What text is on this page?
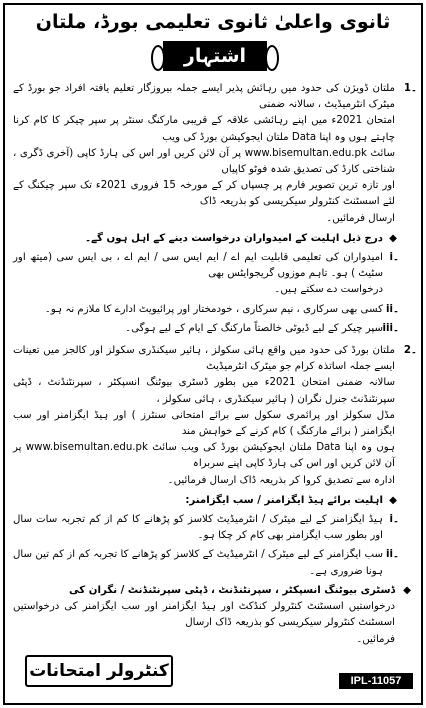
ثانوی واعلیٰ ثانوی تعلیمی بورڈ، ملتان
اشتہار
1۔
ملتان ڈویژن کی حدود میں رہائش پذیر ایسے جملہ بیروزگار تعلیم یافتہ افراد جو بورڈ کے میٹرک انٹرمیڈیٹ ، سالانہ ضمنی
امتحان 2021ء میں اپنے رہائشی علاقہ کے قریبی مارکنگ سنٹر پر سپر چیکر کا کام کرنا چاہتے ہوں وہ اپنا Data ملتان ایجوکیشن بورڈ کی ویب
سائٹ www.bisemultan.edu.pk پر آن لائن کریں اور اس کی ہارڈ کاپی (آخری ڈگری ، شناختی کارڈ کی تصدیق شدہ فوٹو کاپیاں
اور تازہ ترین تصویر فارم پر چسپاں کر کے مورخہ 15 فروری 2021ء تک سپر چیکنگ کے لئے اسسٹنٹ کنٹرولر سیکریسی کو بذریعہ ڈاک
ارسال فرمائیں۔
◆
درج ذیل اہلیت کے امیدواران درخواست دینے کے اہل ہوں گے۔
i۔
امیدواران کی تعلیمی قابلیت ایم اے / ایم ایس سی / ایم اے ، بی ایس سی (میتھ اور سٹیٹ ) ہو۔ تاہم موزوں گریجوایٹس بھی
درخواست دے سکتے ہیں۔
ii۔
کسی بھی سرکاری ، نیم سرکاری ، خودمختار اور پرائیویٹ ادارے کا ملازم نہ ہو۔
iii۔
سپر چیکر کے لیے ڈیوٹی خالصتاً مارکنگ کے ایام کے لیے ہوگی۔
2۔
ملتان بورڈ کی حدود میں واقع ہائی سکولز ، ہائیر سیکنڈری سکولز اور کالجز میں تعینات ایسے جملہ اساتذہ کرام جو میٹرک انٹرمیڈیٹ
سالانہ ضمنی امتحان 2021ء میں بطور ڈسٹری بیوٹنگ انسپکٹر ، سپرنٹنڈنٹ ، ڈپٹی سپرنٹنڈنٹ جنرل نگران ( ہائیر سیکنڈری ، ہائی سکولز ،
مڈل سکولز اور پرائمری سکول سے برائے امتحانی سنٹرز ) اور ہیڈ ایگزامنر اور سب ایگزامنر ( برائے مارکنگ ) کام کرنے کے خواہش مند
ہوں وہ اپنا Data ملتان ایجوکیشن بورڈ کی ویب سائٹ www.bisemultan.edu.pk پر آن لائن کریں اور اس کی ہارڈ کاپی اپنے سربراہ
ادارہ سے تصدیق کروا کر بذریعہ ڈاک ارسال فرمائیں۔
◆
اہلیت برائے ہیڈ ایگزامنر / سب ایگزامنر:
i۔
ہیڈ ایگزامنر کے لیے میٹرک / انٹرمیڈیٹ کلاسز کو پڑھانے کا کم از کم تجربہ سات سال اور بطور سب ایگزامنر بھی کام کر چکا ہو۔
ii۔
سب ایگزامنر کے لیے میٹرک / انٹرمیڈیٹ کے کلاسز کو پڑھانے کا تجربہ کم از کم تین سال ہونا ضروری ہے۔
◆
ڈسٹری بیوٹنگ انسپکٹر ، سپرنٹنڈنٹ ، ڈپٹی سپرنٹنڈنٹ / نگران کی
درخواستیں اسسٹنٹ کنٹرولر کنڈکٹ اور ہیڈ ایگزامنر اور سب ایگزامنر کی درخواستیں اسسٹنٹ کنٹرولر سیکریسی کو بذریعہ ڈاک ارسال
فرمائیں۔
کنٹرولر امتحانات	IPL-11057
